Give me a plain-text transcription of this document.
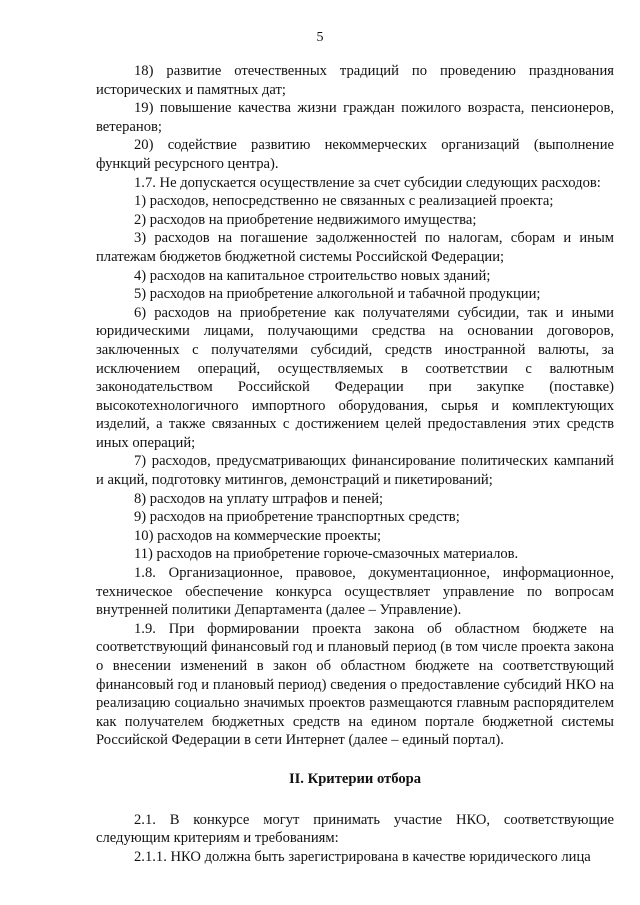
5

18) развитие отечественных традиций по проведению празднования исторических и памятных дат;

19) повышение качества жизни граждан пожилого возраста, пенсионеров, ветеранов;

20) содействие развитию некоммерческих организаций (выполнение функций ресурсного центра).

1.7. Не допускается осуществление за счет субсидии следующих расходов:

1) расходов, непосредственно не связанных с реализацией проекта;

2) расходов на приобретение недвижимого имущества;

3) расходов на погашение задолженностей по налогам, сборам и иным платежам бюджетов бюджетной системы Российской Федерации;

4) расходов на капитальное строительство новых зданий;

5) расходов на приобретение алкогольной и табачной продукции;

6) расходов на приобретение как получателями субсидии, так и иными юридическими лицами, получающими средства на основании договоров, заключенных с получателями субсидий, средств иностранной валюты, за исключением операций, осуществляемых в соответствии с валютным законодательством Российской Федерации при закупке (поставке) высокотехнологичного импортного оборудования, сырья и комплектующих изделий, а также связанных с достижением целей предоставления этих средств иных операций;

7) расходов, предусматривающих финансирование политических кампаний и акций, подготовку митингов, демонстраций и пикетирований;

8) расходов на уплату штрафов и пеней;

9) расходов на приобретение транспортных средств;

10) расходов на коммерческие проекты;

11) расходов на приобретение горюче-смазочных материалов.

1.8. Организационное, правовое, документационное, информационное, техническое обеспечение конкурса осуществляет управление по вопросам внутренней политики Департамента (далее – Управление).

1.9. При формировании проекта закона об областном бюджете на соответствующий финансовый год и плановый период (в том числе проекта закона о внесении изменений в закон об областном бюджете на соответствующий финансовый год и плановый период) сведения о предоставление субсидий НКО на реализацию социально значимых проектов размещаются главным распорядителем как получателем бюджетных средств на едином портале бюджетной системы Российской Федерации в сети Интернет (далее – единый портал).

II. Критерии отбора

2.1. В конкурсе могут принимать участие НКО, соответствующие следующим критериям и требованиям:

2.1.1. НКО должна быть зарегистрирована в качестве юридического лица
